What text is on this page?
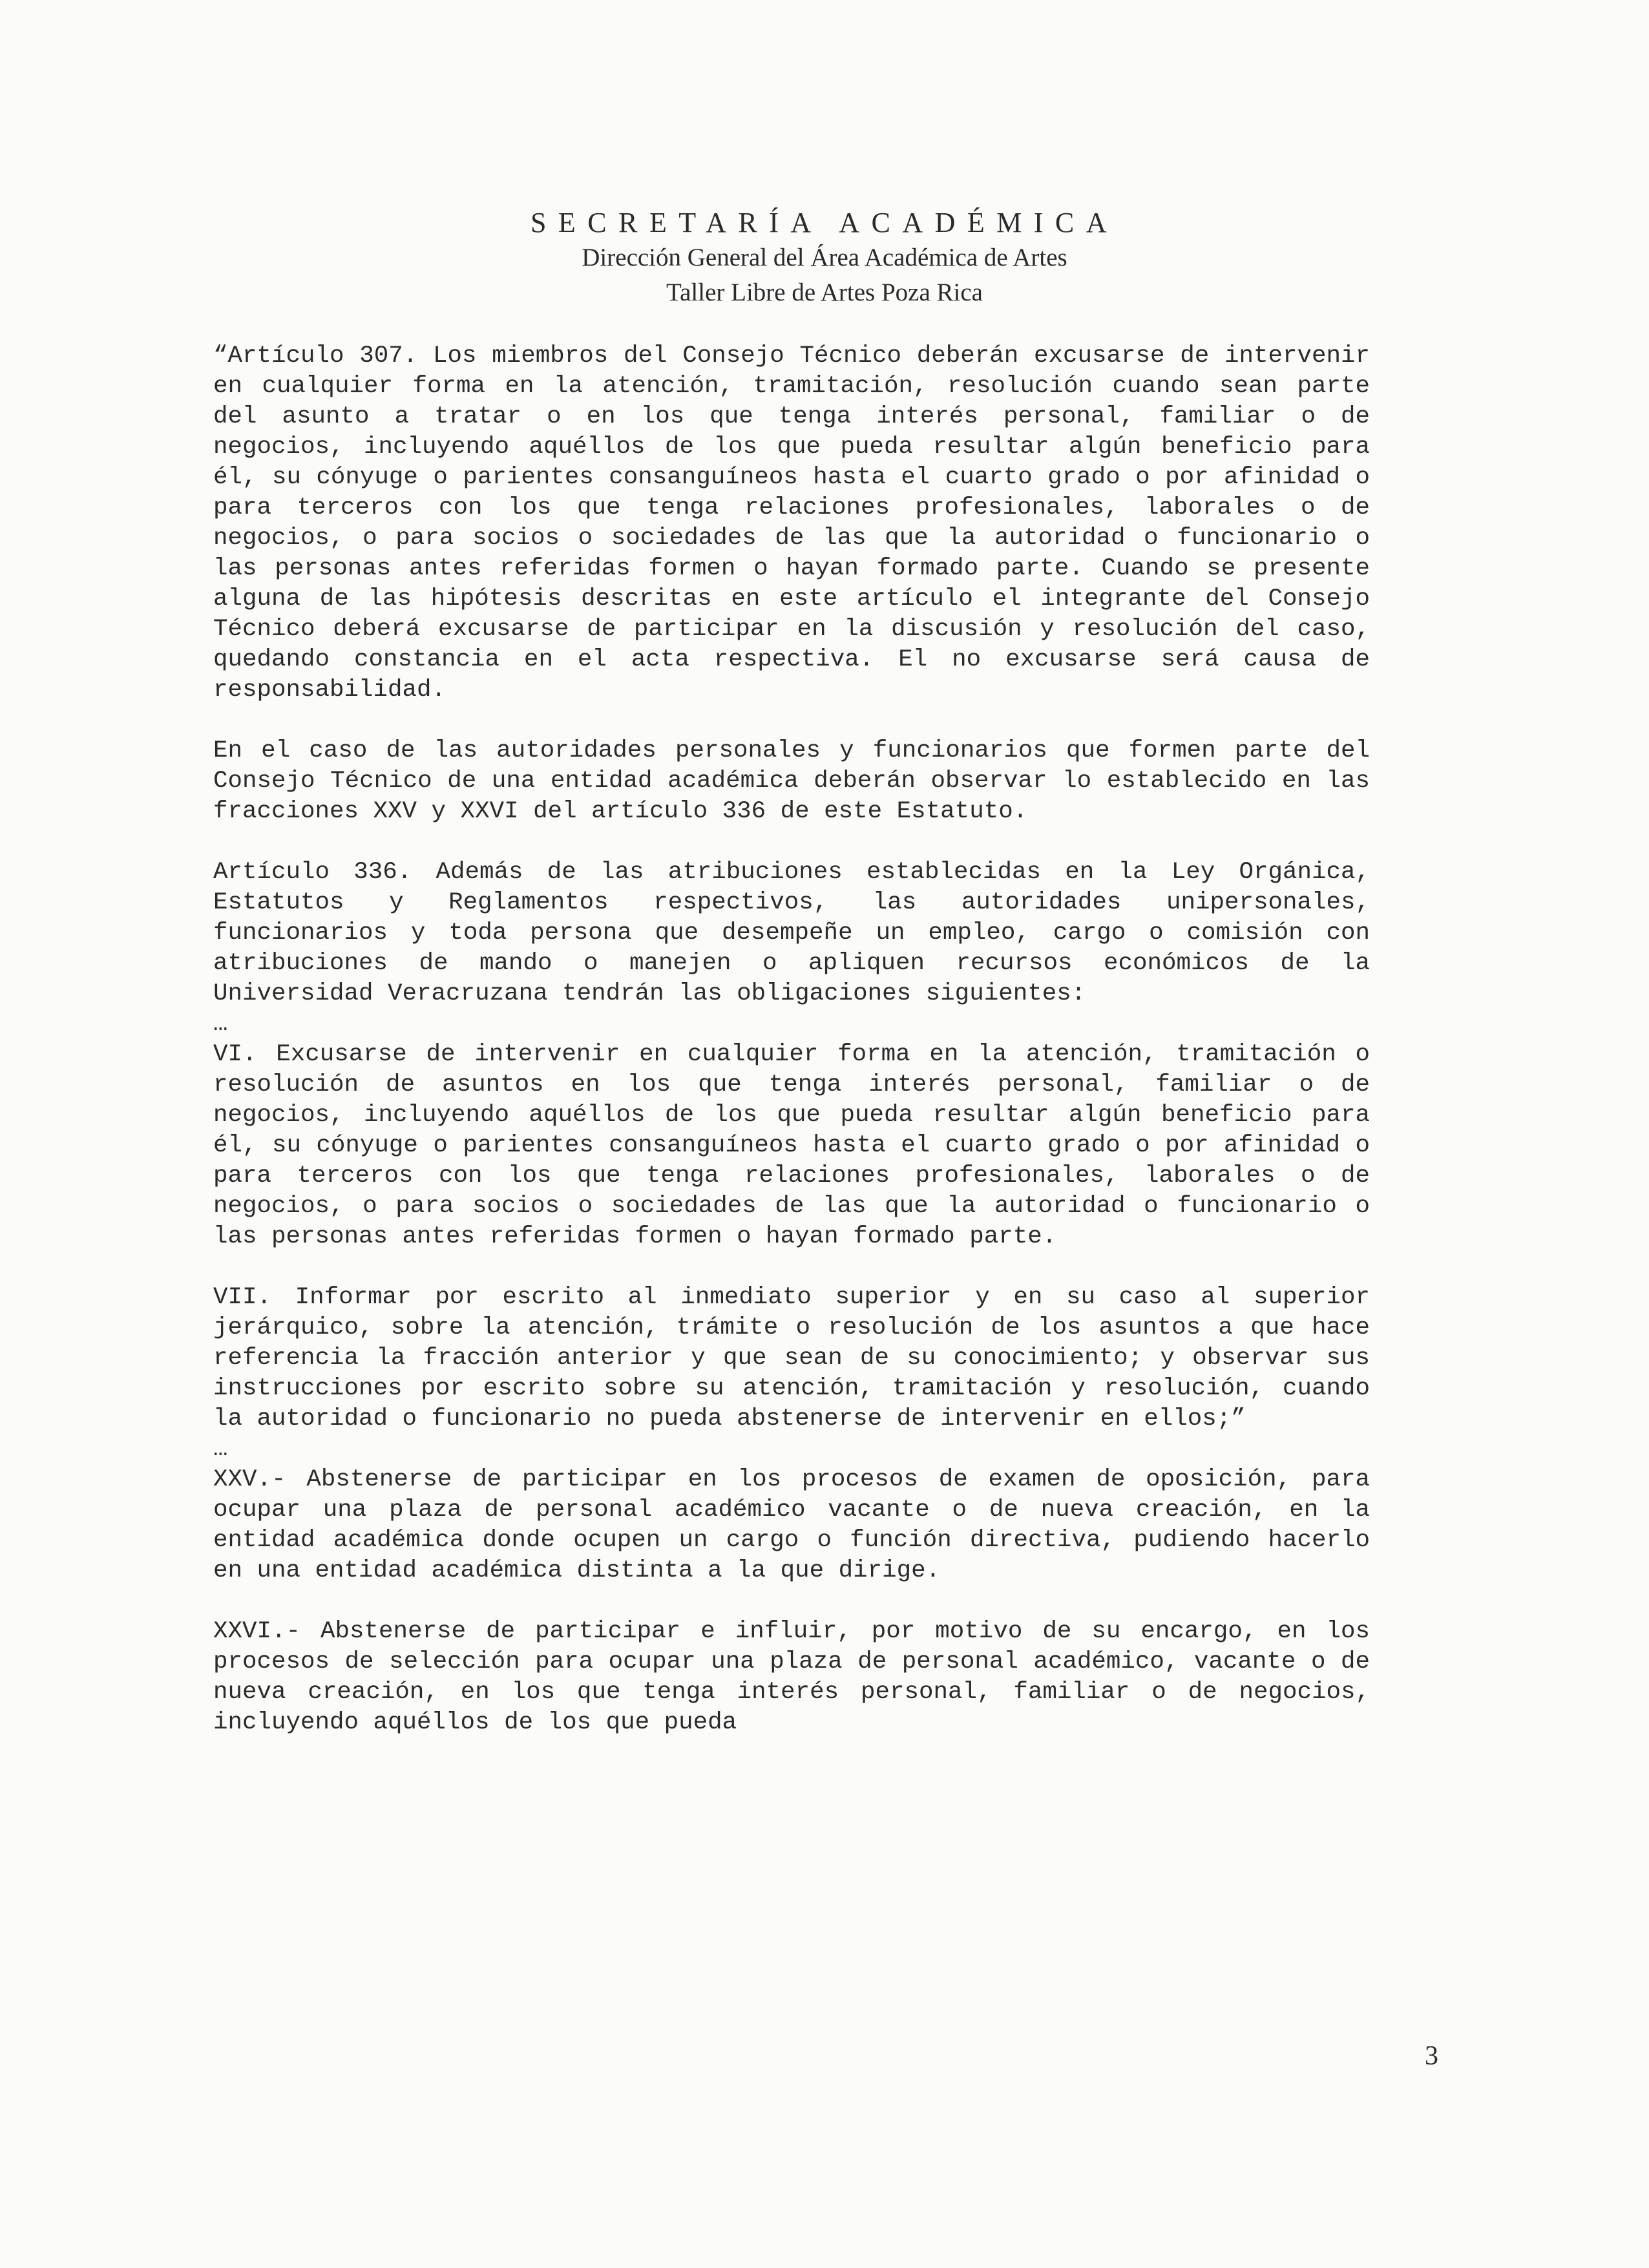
SECRETARÍA ACADÉMICA
Dirección General del Área Académica de Artes
Taller Libre de Artes Poza Rica

“Artículo 307. Los miembros del Consejo Técnico deberán excusarse de intervenir en cualquier forma en la atención, tramitación, resolución cuando sean parte del asunto a tratar o en los que tenga interés personal, familiar o de negocios, incluyendo aquéllos de los que pueda resultar algún beneficio para él, su cónyuge o parientes consanguíneos hasta el cuarto grado o por afinidad o para terceros con los que tenga relaciones profesionales, laborales o de negocios, o para socios o sociedades de las que la autoridad o funcionario o las personas antes referidas formen o hayan formado parte. Cuando se presente alguna de las hipótesis descritas en este artículo el integrante del Consejo Técnico deberá excusarse de participar en la discusión y resolución del caso, quedando constancia en el acta respectiva. El no excusarse será causa de responsabilidad.

En el caso de las autoridades personales y funcionarios que formen parte del Consejo Técnico de una entidad académica deberán observar lo establecido en las fracciones XXV y XXVI del artículo 336 de este Estatuto.

Artículo 336. Además de las atribuciones establecidas en la Ley Orgánica, Estatutos y Reglamentos respectivos, las autoridades unipersonales, funcionarios y toda persona que desempeñe un empleo, cargo o comisión con atribuciones de mando o manejen o apliquen recursos económicos de la Universidad Veracruzana tendrán las obligaciones siguientes:

…

VI. Excusarse de intervenir en cualquier forma en la atención, tramitación o resolución de asuntos en los que tenga interés personal, familiar o de negocios, incluyendo aquéllos de los que pueda resultar algún beneficio para él, su cónyuge o parientes consanguíneos hasta el cuarto grado o por afinidad o para terceros con los que tenga relaciones profesionales, laborales o de negocios, o para socios o sociedades de las que la autoridad o funcionario o las personas antes referidas formen o hayan formado parte.

VII. Informar por escrito al inmediato superior y en su caso al superior jerárquico, sobre la atención, trámite o resolución de los asuntos a que hace referencia la fracción anterior y que sean de su conocimiento; y observar sus instrucciones por escrito sobre su atención, tramitación y resolución, cuando la autoridad o funcionario no pueda abstenerse de intervenir en ellos;”

…

XXV.- Abstenerse de participar en los procesos de examen de oposición, para ocupar una plaza de personal académico vacante o de nueva creación, en la entidad académica donde ocupen un cargo o función directiva, pudiendo hacerlo en una entidad académica distinta a la que dirige.

XXVI.- Abstenerse de participar e influir, por motivo de su encargo, en los procesos de selección para ocupar una plaza de personal académico, vacante o de nueva creación, en los que tenga interés personal, familiar o de negocios, incluyendo aquéllos de los que pueda

3
